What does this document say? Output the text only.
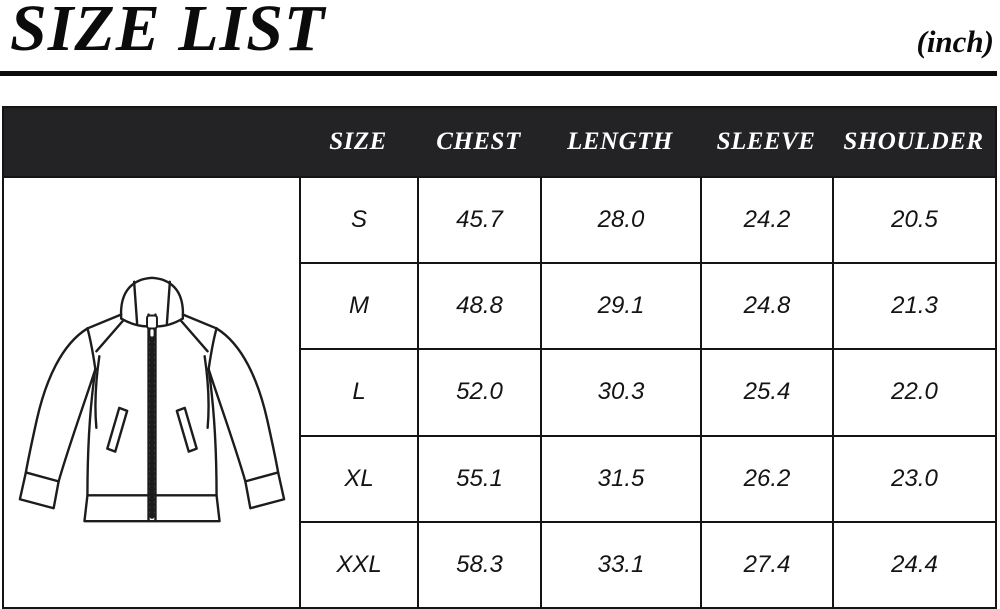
SIZE LIST	(inch)
SIZE	CHEST	LENGTH	SLEEVE	SHOULDER
S	45.7	28.0	24.2	20.5
M	48.8	29.1	24.8	21.3
L	52.0	30.3	25.4	22.0
XL	55.1	31.5	26.2	23.0
XXL	58.3	33.1	27.4	24.4
